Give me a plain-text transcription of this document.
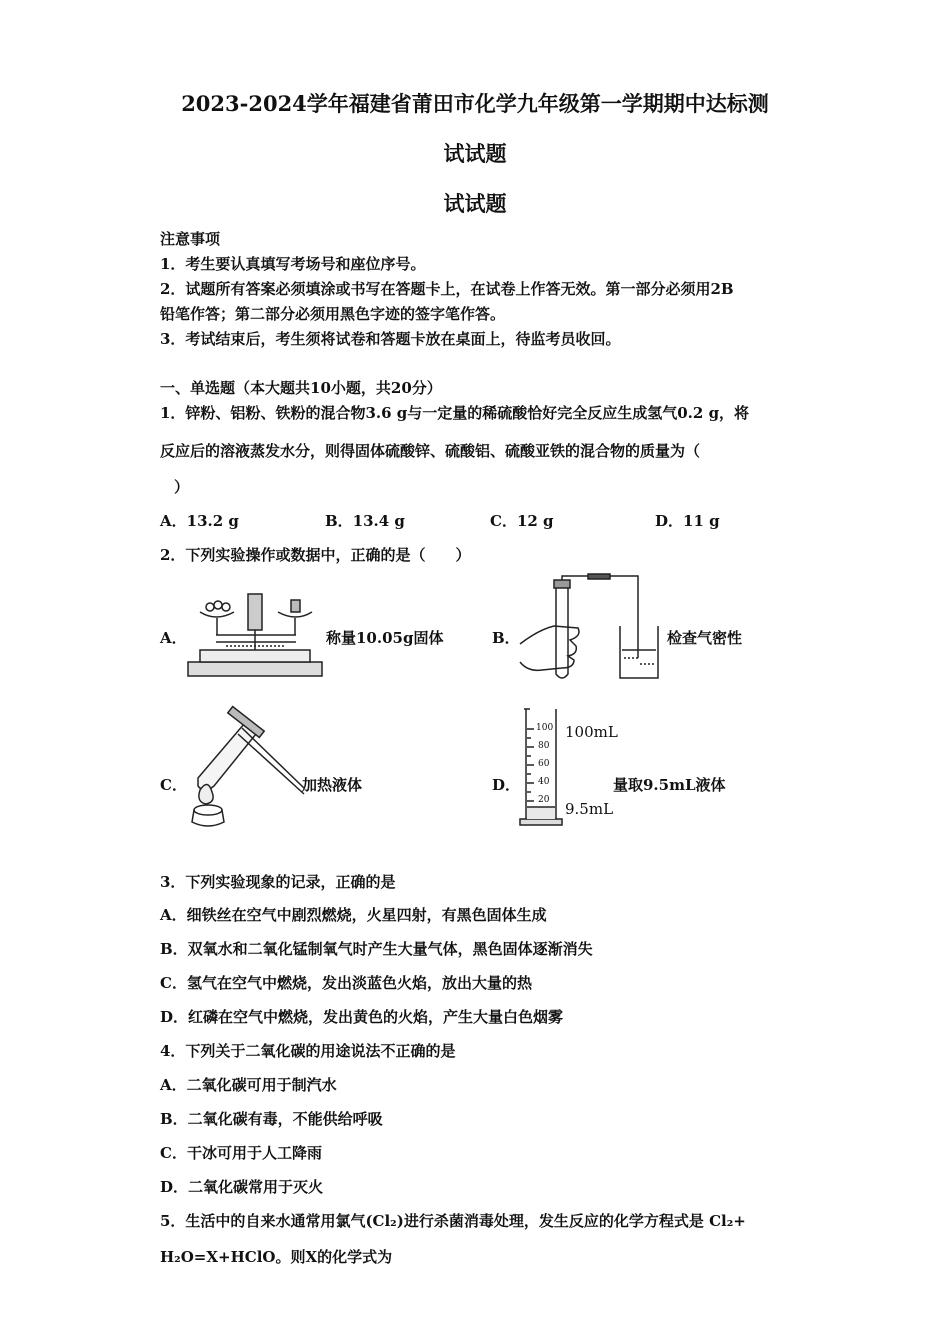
2023-2024学年福建省莆田市化学九年级第一学期期中达标测
试试题
试试题
注意事项
1．考生要认真填写考场号和座位序号。
2．试题所有答案必须填涂或书写在答题卡上，在试卷上作答无效。第一部分必须用2B
铅笔作答；第二部分必须用黑色字迹的签字笔作答。
3．考试结束后，考生须将试卷和答题卡放在桌面上，待监考员收回。
一、单选题（本大题共10小题，共20分）
1．锌粉、铝粉、铁粉的混合物3.6 g与一定量的稀硫酸恰好完全反应生成氢气0.2 g，将
反应后的溶液蒸发水分，则得固体硫酸锌、硫酸铝、硫酸亚铁的混合物的质量为（
）
A．13.2 g	B．13.4 g	C．12 g	D．11 g
2．下列实验操作或数据中，正确的是（　　）
A．	称量10.05g固体	B．	检查气密性
C．	加热液体	D．
100
80
60
40
20
100mL
9.5mL
量取9.5mL液体
3．下列实验现象的记录，正确的是
A．细铁丝在空气中剧烈燃烧，火星四射，有黑色固体生成
B．双氧水和二氧化锰制氧气时产生大量气体，黑色固体逐渐消失
C．氢气在空气中燃烧，发出淡蓝色火焰，放出大量的热
D．红磷在空气中燃烧，发出黄色的火焰，产生大量白色烟雾
4．下列关于二氧化碳的用途说法不正确的是
A．二氧化碳可用于制汽水
B．二氧化碳有毒，不能供给呼吸
C．干冰可用于人工降雨
D．二氧化碳常用于灭火
5．生活中的自来水通常用氯气(Cl₂)进行杀菌消毒处理，发生反应的化学方程式是 Cl₂+
H₂O=X+HClO。则X的化学式为
